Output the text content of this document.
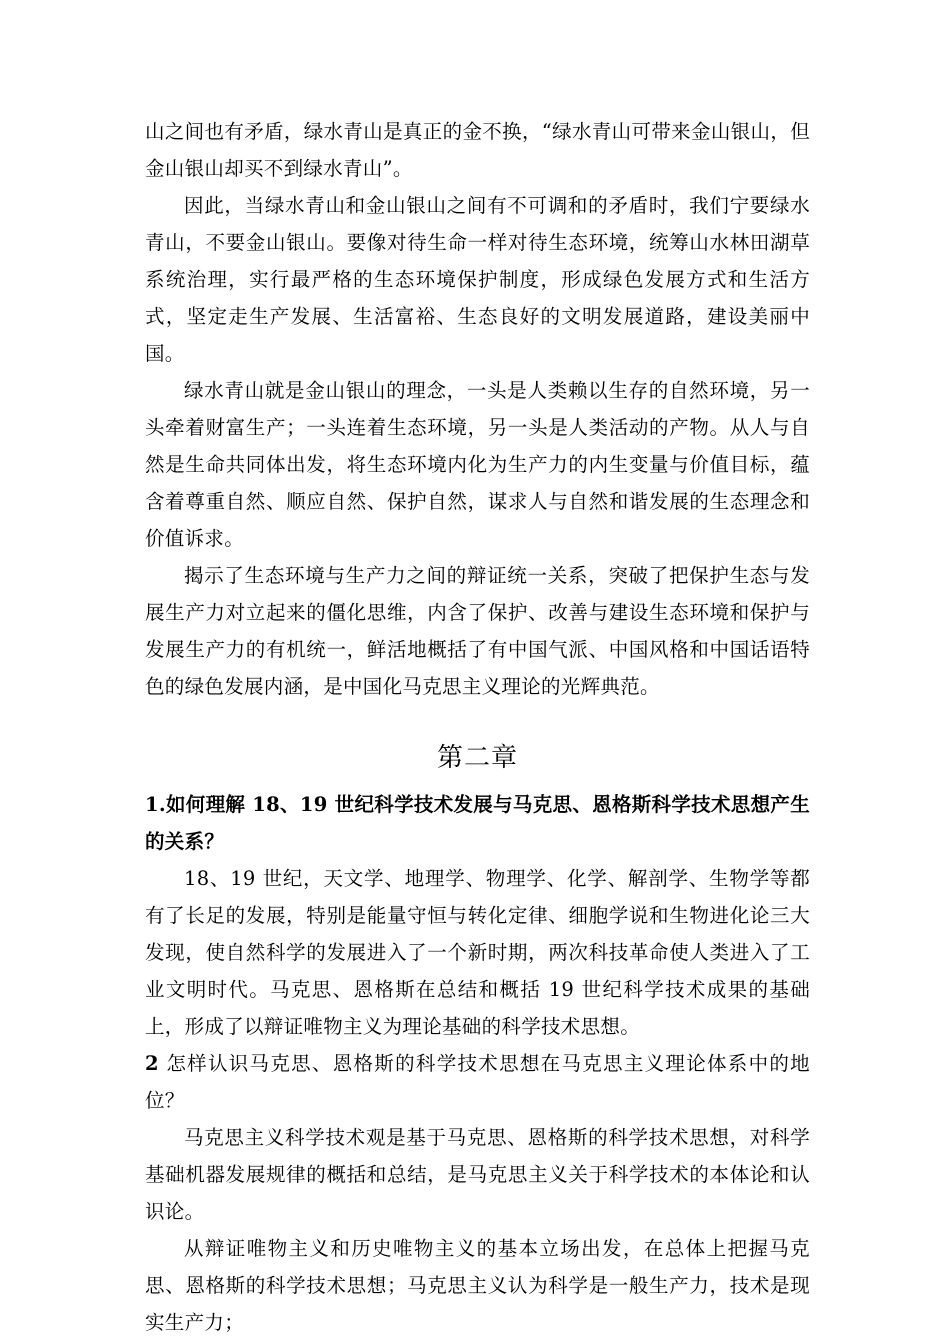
山之间也有矛盾，绿水青山是真正的金不换，“绿水青山可带来金山银山，但金山银山却买不到绿水青山”。

因此，当绿水青山和金山银山之间有不可调和的矛盾时，我们宁要绿水青山，不要金山银山。要像对待生命一样对待生态环境，统筹山水林田湖草系统治理，实行最严格的生态环境保护制度，形成绿色发展方式和生活方式，坚定走生产发展、生活富裕、生态良好的文明发展道路，建设美丽中国。

绿水青山就是金山银山的理念，一头是人类赖以生存的自然环境，另一头牵着财富生产；一头连着生态环境，另一头是人类活动的产物。从人与自然是生命共同体出发，将生态环境内化为生产力的内生变量与价值目标，蕴含着尊重自然、顺应自然、保护自然，谋求人与自然和谐发展的生态理念和价值诉求。

揭示了生态环境与生产力之间的辩证统一关系，突破了把保护生态与发展生产力对立起来的僵化思维，内含了保护、改善与建设生态环境和保护与发展生产力的有机统一，鲜活地概括了有中国气派、中国风格和中国话语特色的绿色发展内涵，是中国化马克思主义理论的光辉典范。

第二章

1.如何理解 18、19 世纪科学技术发展与马克思、恩格斯科学技术思想产生的关系？

18、19 世纪，天文学、地理学、物理学、化学、解剖学、生物学等都有了长足的发展，特别是能量守恒与转化定律、细胞学说和生物进化论三大发现，使自然科学的发展进入了一个新时期，两次科技革命使人类进入了工业文明时代。马克思、恩格斯在总结和概括 19 世纪科学技术成果的基础上，形成了以辩证唯物主义为理论基础的科学技术思想。

2 怎样认识马克思、恩格斯的科学技术思想在马克思主义理论体系中的地位？

马克思主义科学技术观是基于马克思、恩格斯的科学技术思想，对科学基础机器发展规律的概括和总结，是马克思主义关于科学技术的本体论和认识论。

从辩证唯物主义和历史唯物主义的基本立场出发，在总体上把握马克思、恩格斯的科学技术思想；马克思主义认为科学是一般生产力，技术是现实生产力；
